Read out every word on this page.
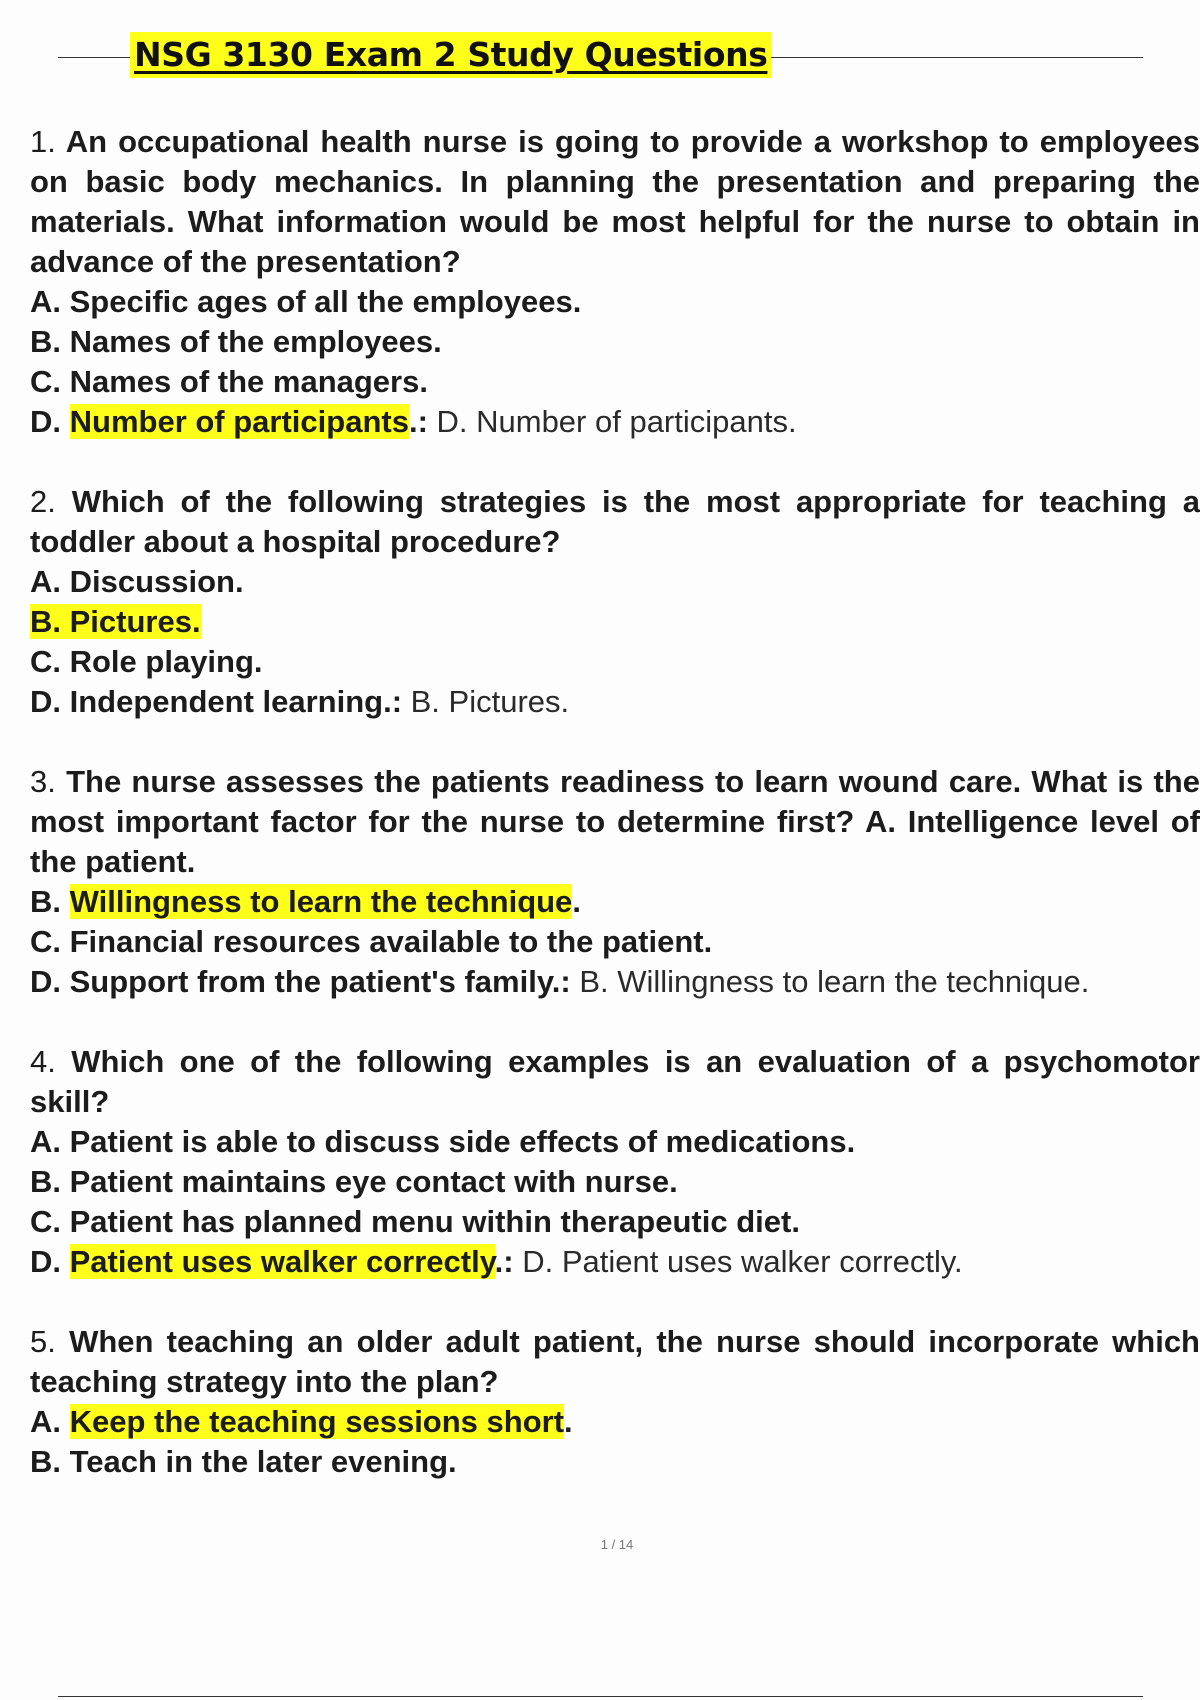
NSG 3130 Exam 2 Study Questions
1. An occupational health nurse is going to provide a workshop to employees
on basic body mechanics. In planning the presentation and preparing the
materials. What information would be most helpful for the nurse to obtain in
advance of the presentation?
A. Specific ages of all the employees.
B. Names of the employees.
C. Names of the managers.
D. Number of participants.: D. Number of participants.
2. Which of the following strategies is the most appropriate for teaching a
toddler about a hospital procedure?
A. Discussion.
B. Pictures.
C. Role playing.
D. Independent learning.: B. Pictures.
3. The nurse assesses the patients readiness to learn wound care. What is the
most important factor for the nurse to determine first? A. Intelligence level of
the patient.
B. Willingness to learn the technique.
C. Financial resources available to the patient.
D. Support from the patient's family.: B. Willingness to learn the technique.
4. Which one of the following examples is an evaluation of a psychomotor
skill?
A. Patient is able to discuss side effects of medications.
B. Patient maintains eye contact with nurse.
C. Patient has planned menu within therapeutic diet.
D. Patient uses walker correctly.: D. Patient uses walker correctly.
5. When teaching an older adult patient, the nurse should incorporate which
teaching strategy into the plan?
A. Keep the teaching sessions short.
B. Teach in the later evening.
1 / 14
